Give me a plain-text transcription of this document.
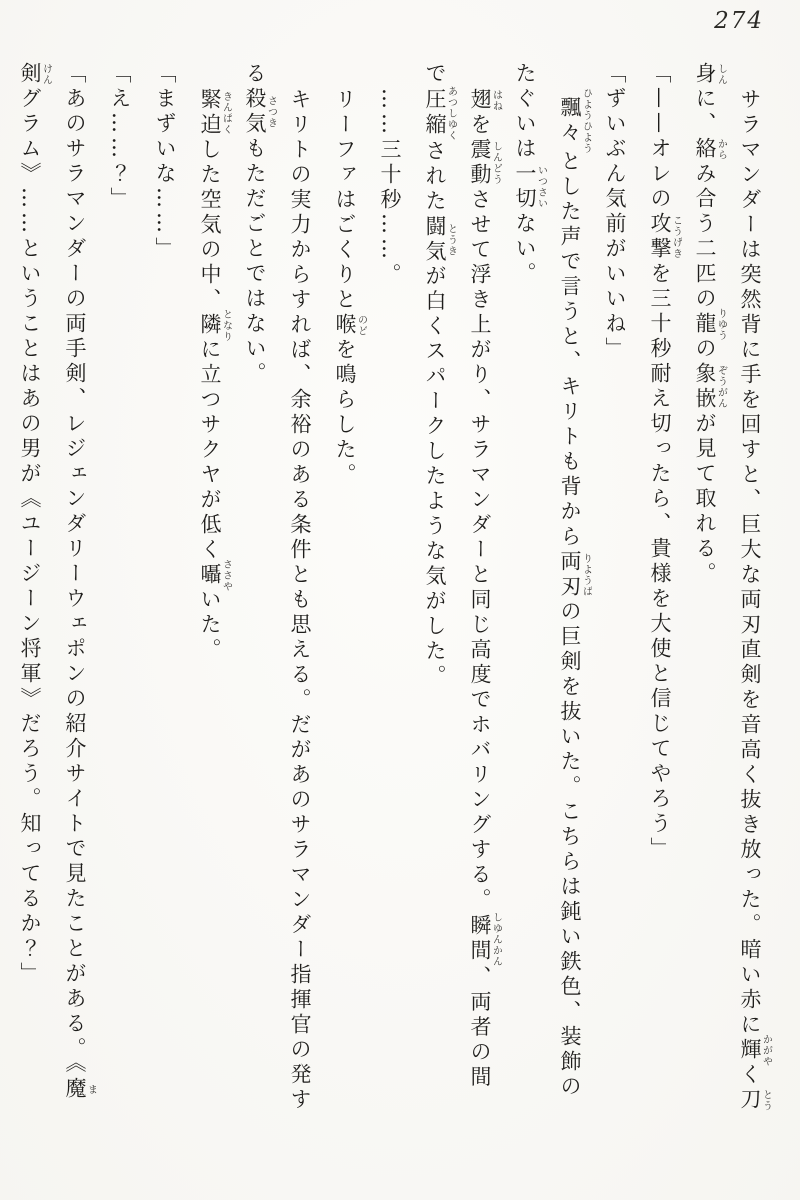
274

サラマンダーは突然背に手を回すと、巨大な両刃直剣を音高く抜き放った。暗い赤に輝かがやく刀とう

身しんに、絡からみ合う二匹の龍りゆうの象嵌ぞうがんが見て取れる。

「——オレの攻撃こうげきを三十秒耐え切ったら、貴様を大使と信じてやろう」

「ずいぶん気前がいいね」

飄々ひようひようとした声で言うと、キリトも背から両刃りようばの巨剣を抜いた。こちらは鈍い鉄色、装飾の

たぐいは一切いつさいない。

翅はねを震動しんどうさせて浮き上がり、サラマンダーと同じ高度でホバリングする。瞬間しゆんかん、両者の間

で圧縮あつしゆくされた闘気とうきが白くスパークしたような気がした。

……三十秒……。

リーファはごくりと喉のどを鳴らした。

キリトの実力からすれば、余裕のある条件とも思える。だがあのサラマンダー指揮官の発す

る殺気さつきもただごとではない。

緊迫きんぱくした空気の中、隣となりに立つサクヤが低く囁ささやいた。

「まずいな……」

「え……？」

「あのサラマンダーの両手剣、レジェンダリーウェポンの紹介サイトで見たことがある。《魔ま

剣けんグラム》……ということはあの男が《ユージーン将軍》だろう。知ってるか？」
